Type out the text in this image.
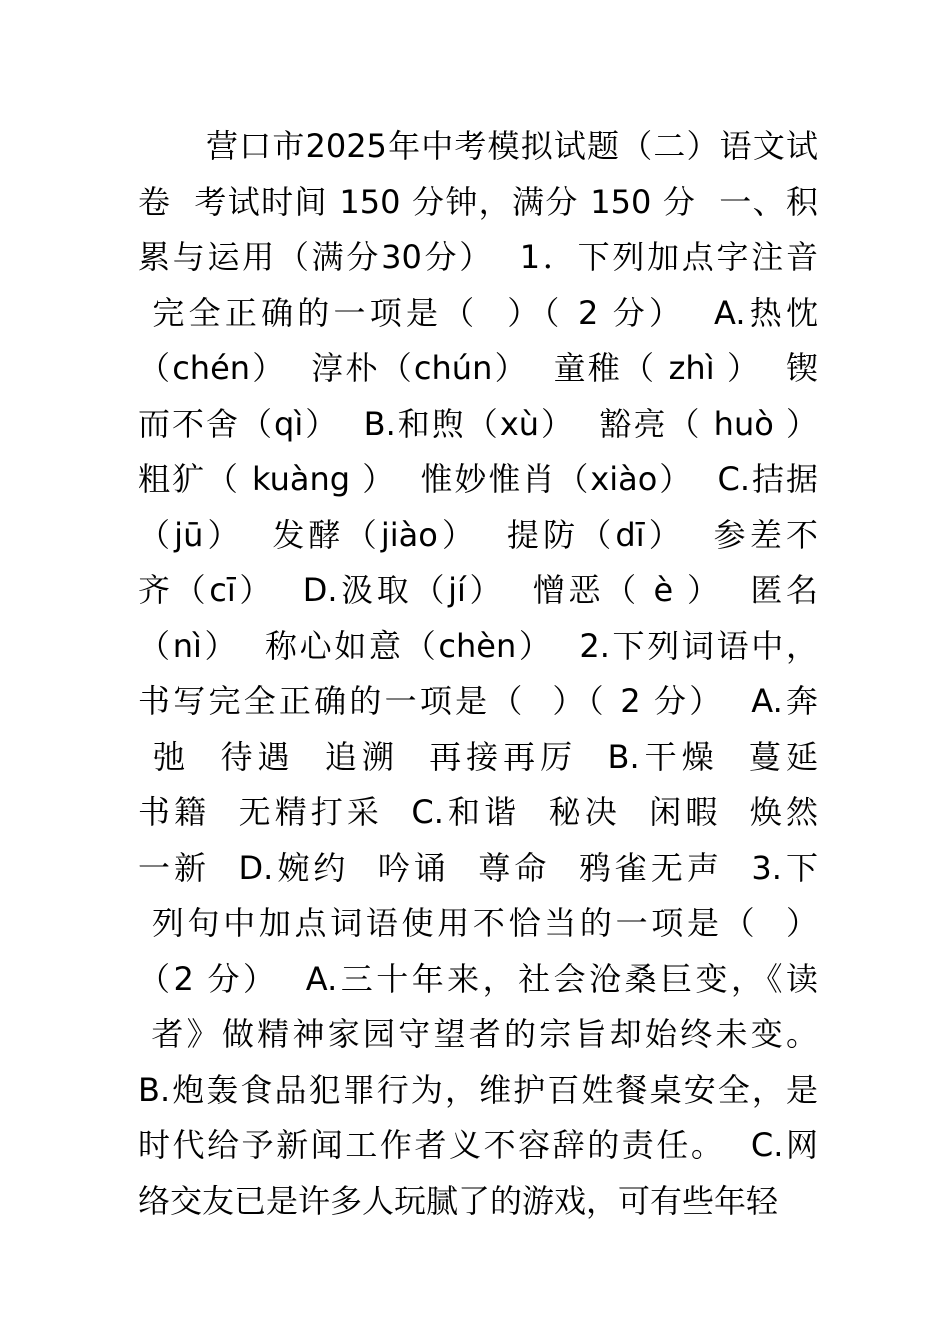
营口市2025年中考模拟试题（二）语文试
卷  考试时间 150 分钟，满分 150 分  一、积
累与运用（满分30分）  1．下列加点字注音
完全正确的一项是（  ）（ 2 分）  A.热忱
（chén）  淳朴（chún）  童稚（ zhì ）  锲
而不舍（qì）  B.和煦（xù）  豁亮（ huò ）
粗犷（ kuàng ）  惟妙惟肖（xiào）  C.拮据
（jū）  发酵（jiào）  提防（dī）  参差不
齐（cī）  D.汲取（jí）  憎恶（ è ）  匿名
（nì）  称心如意（chèn）  2.下列词语中，
书写完全正确的一项是（  ）（ 2 分）  A.奔
弛  待遇  追溯  再接再厉  B.干燥  蔓延
书籍  无精打采  C.和谐  秘决  闲暇  焕然
一新  D.婉约  吟诵  尊命  鸦雀无声  3.下
列句中加点词语使用不恰当的一项是（  ）
（2 分）  A.三十年来，社会沧桑巨变，《读
者》做精神家园守望者的宗旨却始终未变。
B.炮轰食品犯罪行为，维护百姓餐桌安全，是
时代给予新闻工作者义不容辞的责任。  C.网
络交友已是许多人玩腻了的游戏，可有些年轻
